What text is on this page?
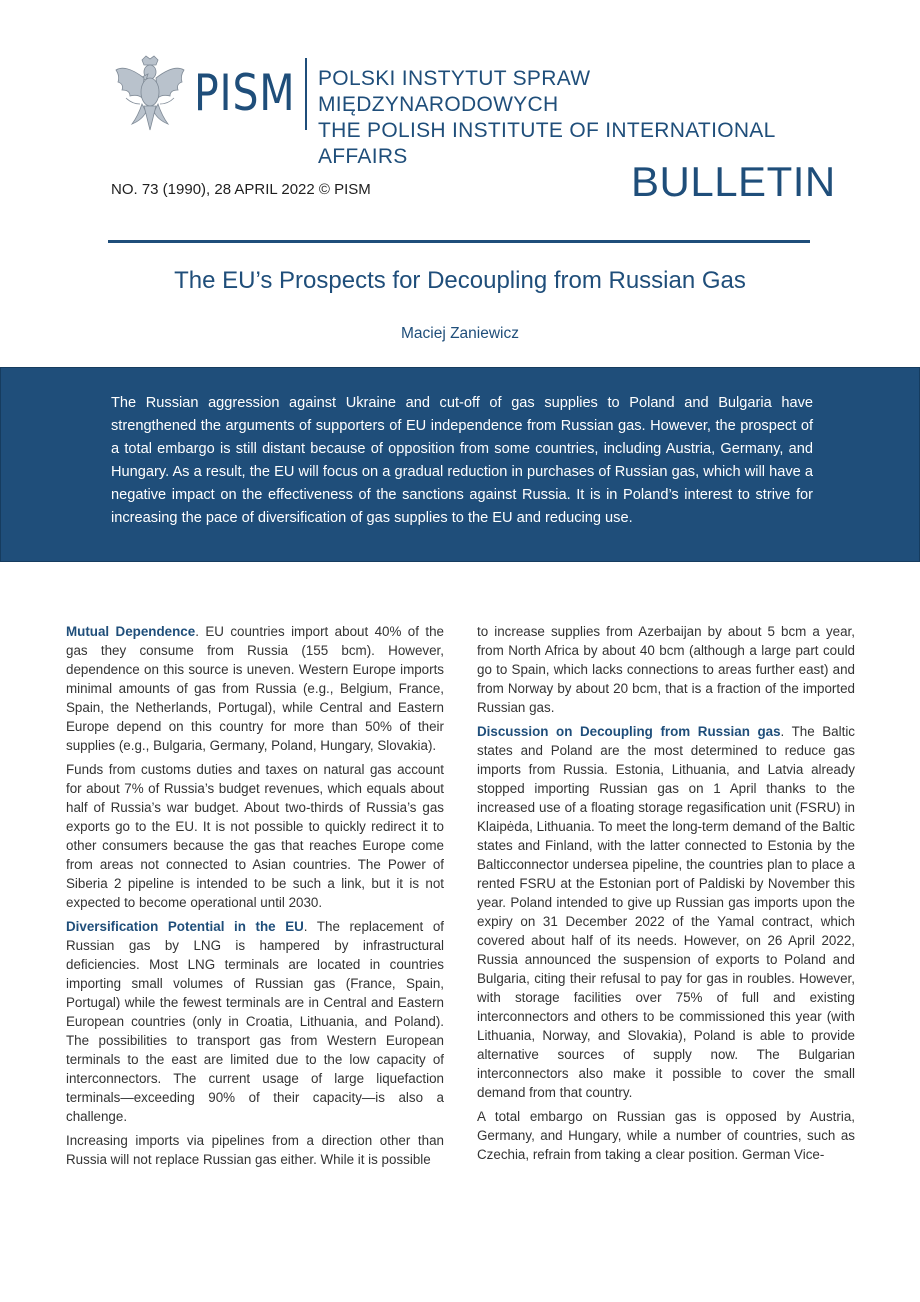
PISM POLSKI INSTYTUT SPRAW MIĘDZYNARODOWYCH
THE POLISH INSTITUTE OF INTERNATIONAL AFFAIRS
NO. 73 (1990), 28 APRIL 2022 © PISM	BULLETIN
The EU’s Prospects for Decoupling from Russian Gas
Maciej Zaniewicz

The Russian aggression against Ukraine and cut-off of gas supplies to Poland and Bulgaria have strengthened the arguments of supporters of EU independence from Russian gas. However, the prospect of a total embargo is still distant because of opposition from some countries, including Austria, Germany, and Hungary. As a result, the EU will focus on a gradual reduction in purchases of Russian gas, which will have a negative impact on the effectiveness of the sanctions against Russia. It is in Poland’s interest to strive for increasing the pace of diversification of gas supplies to the EU and reducing use.

Mutual Dependence. EU countries import about 40% of the gas they consume from Russia (155 bcm). However, dependence on this source is uneven. Western Europe imports minimal amounts of gas from Russia (e.g., Belgium, France, Spain, the Netherlands, Portugal), while Central and Eastern Europe depend on this country for more than 50% of their supplies (e.g., Bulgaria, Germany, Poland, Hungary, Slovakia).

Funds from customs duties and taxes on natural gas account for about 7% of Russia’s budget revenues, which equals about half of Russia’s war budget. About two-thirds of Russia’s gas exports go to the EU. It is not possible to quickly redirect it to other consumers because the gas that reaches Europe come from areas not connected to Asian countries. The Power of Siberia 2 pipeline is intended to be such a link, but it is not expected to become operational until 2030.

Diversification Potential in the EU. The replacement of Russian gas by LNG is hampered by infrastructural deficiencies. Most LNG terminals are located in countries importing small volumes of Russian gas (France, Spain, Portugal) while the fewest terminals are in Central and Eastern European countries (only in Croatia, Lithuania, and Poland). The possibilities to transport gas from Western European terminals to the east are limited due to the low capacity of interconnectors. The current usage of large liquefaction terminals—exceeding 90% of their capacity—is also a challenge.

Increasing imports via pipelines from a direction other than Russia will not replace Russian gas either. While it is possible

to increase supplies from Azerbaijan by about 5 bcm a year, from North Africa by about 40 bcm (although a large part could go to Spain, which lacks connections to areas further east) and from Norway by about 20 bcm, that is a fraction of the imported Russian gas.

Discussion on Decoupling from Russian gas. The Baltic states and Poland are the most determined to reduce gas imports from Russia. Estonia, Lithuania, and Latvia already stopped importing Russian gas on 1 April thanks to the increased use of a floating storage regasification unit (FSRU) in Klaipėda, Lithuania. To meet the long-term demand of the Baltic states and Finland, with the latter connected to Estonia by the Balticconnector undersea pipeline, the countries plan to place a rented FSRU at the Estonian port of Paldiski by November this year. Poland intended to give up Russian gas imports upon the expiry on 31 December 2022 of the Yamal contract, which covered about half of its needs. However, on 26 April 2022, Russia announced the suspension of exports to Poland and Bulgaria, citing their refusal to pay for gas in roubles. However, with storage facilities over 75% of full and existing interconnectors and others to be commissioned this year (with Lithuania, Norway, and Slovakia), Poland is able to provide alternative sources of supply now. The Bulgarian interconnectors also make it possible to cover the small demand from that country.

A total embargo on Russian gas is opposed by Austria, Germany, and Hungary, while a number of countries, such as Czechia, refrain from taking a clear position. German Vice-
